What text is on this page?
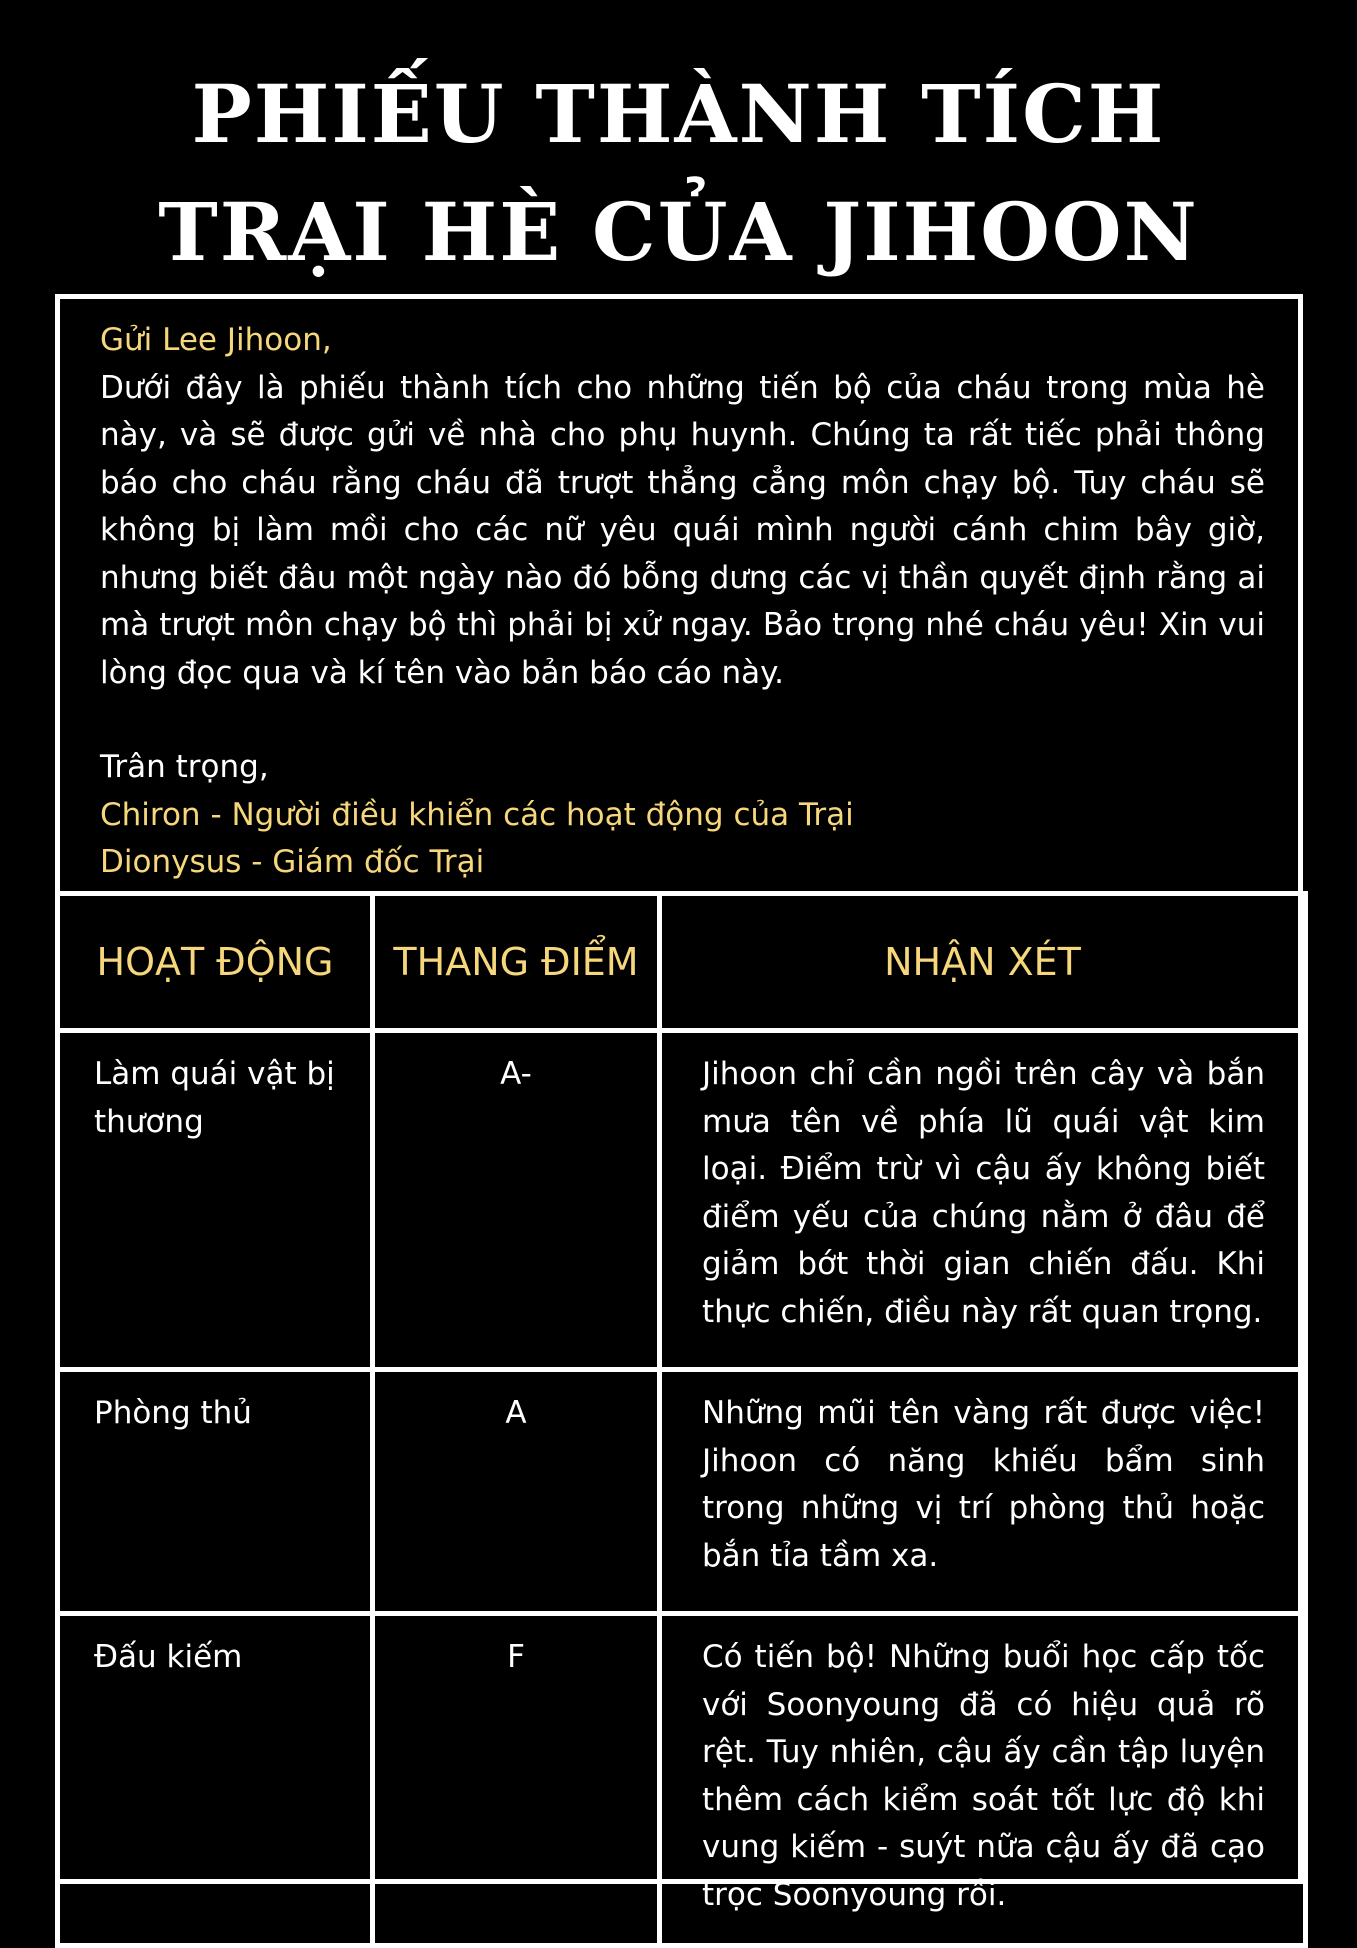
PHIẾU THÀNH TÍCH
TRẠI HÈ CỦA JIHOON

Gửi Lee Jihoon,

Dưới đây là phiếu thành tích cho những tiến bộ của cháu trong mùa hè này, và sẽ được gửi về nhà cho phụ huynh. Chúng ta rất tiếc phải thông báo cho cháu rằng cháu đã trượt thẳng cẳng môn chạy bộ. Tuy cháu sẽ không bị làm mồi cho các nữ yêu quái mình người cánh chim bây giờ, nhưng biết đâu một ngày nào đó bỗng dưng các vị thần quyết định rằng ai mà trượt môn chạy bộ thì phải bị xử ngay. Bảo trọng nhé cháu yêu! Xin vui lòng đọc qua và kí tên vào bản báo cáo này.

Trân trọng,

Chiron - Người điều khiển các hoạt động của Trại

Dionysus - Giám đốc Trại

HOẠT ĐỘNG	THANG ĐIỂM	NHẬN XÉT
Làm quái vật bị thương	A-	Jihoon chỉ cần ngồi trên cây và bắn mưa tên về phía lũ quái vật kim loại. Điểm trừ vì cậu ấy không biết điểm yếu của chúng nằm ở đâu để giảm bớt thời gian chiến đấu. Khi thực chiến, điều này rất quan trọng.
Phòng thủ	A	Những mũi tên vàng rất được việc! Jihoon có năng khiếu bẩm sinh trong những vị trí phòng thủ hoặc bắn tỉa tầm xa.
Đấu kiếm	F	Có tiến bộ! Những buổi học cấp tốc với Soonyoung đã có hiệu quả rõ rệt. Tuy nhiên, cậu ấy cần tập luyện thêm cách kiểm soát tốt lực độ khi vung kiếm - suýt nữa cậu ấy đã cạo trọc Soonyoung rồi.
